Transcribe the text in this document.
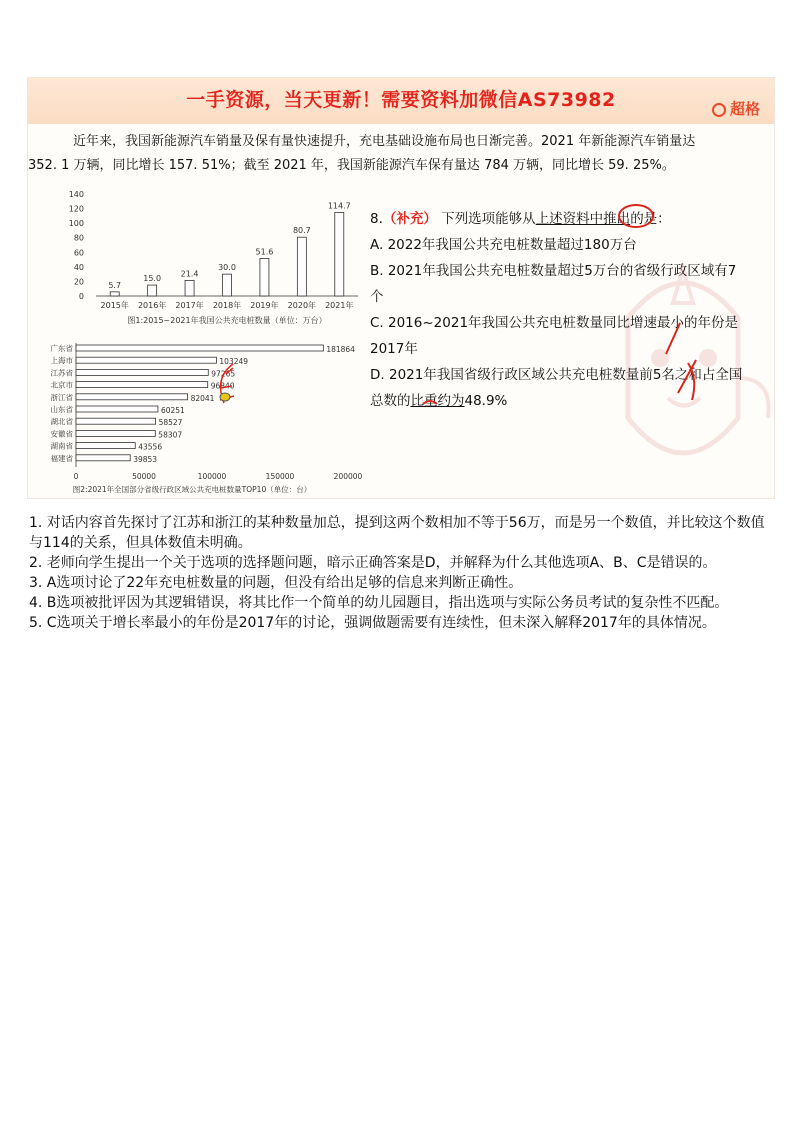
一手资源，当天更新！需要资料加微信AS73982	超格

近年来，我国新能源汽车销量及保有量快速提升，充电基础设施布局也日渐完善。2021 年新能源汽车销量达

352. 1 万辆，同比增长 157. 51%；截至 2021 年，我国新能源汽车保有量达 784 万辆，同比增长 59. 25%。

0
20
40
60
80
100
120
140
5.7
2015年
15.0
2016年
21.4
2017年
30.0
2018年
51.6
2019年
80.7
2020年
114.7
2021年
图1:2015~2021年我国公共充电桩数量（单位：万台）
广东省	181864
上海市	103249
江苏省	97265
北京市	96840
浙江省	82041
山东省	60251
湖北省	58527
安徽省	58307
湖南省	43556
福建省	39853
0	50000	100000	150000	200000
图2:2021年全国部分省级行政区域公共充电桩数量TOP10（单位：台）
8.（补充） 下列选项能够从上述资料中推出的是：
A. 2022年我国公共充电桩数量超过180万台
B. 2021年我国公共充电桩数量超过5万台的省级行政区域有7
个
C. 2016~2021年我国公共充电桩数量同比增速最小的年份是
2017年
D. 2021年我国省级行政区域公共充电桩数量前5名之和占全国
总数的比重约为48.9%

1. 对话内容首先探讨了江苏和浙江的某种数量加总，提到这两个数相加不等于56万，而是另一个数值，并比较这个数值与114的关系，但具体数值未明确。

2. 老师向学生提出一个关于选项的选择题问题，暗示正确答案是D，并解释为什么其他选项A、B、C是错误的。

3. A选项讨论了22年充电桩数量的问题，但没有给出足够的信息来判断正确性。

4. B选项被批评因为其逻辑错误，将其比作一个简单的幼儿园题目，指出选项与实际公务员考试的复杂性不匹配。

5. C选项关于增长率最小的年份是2017年的讨论，强调做题需要有连续性，但未深入解释2017年的具体情况。
